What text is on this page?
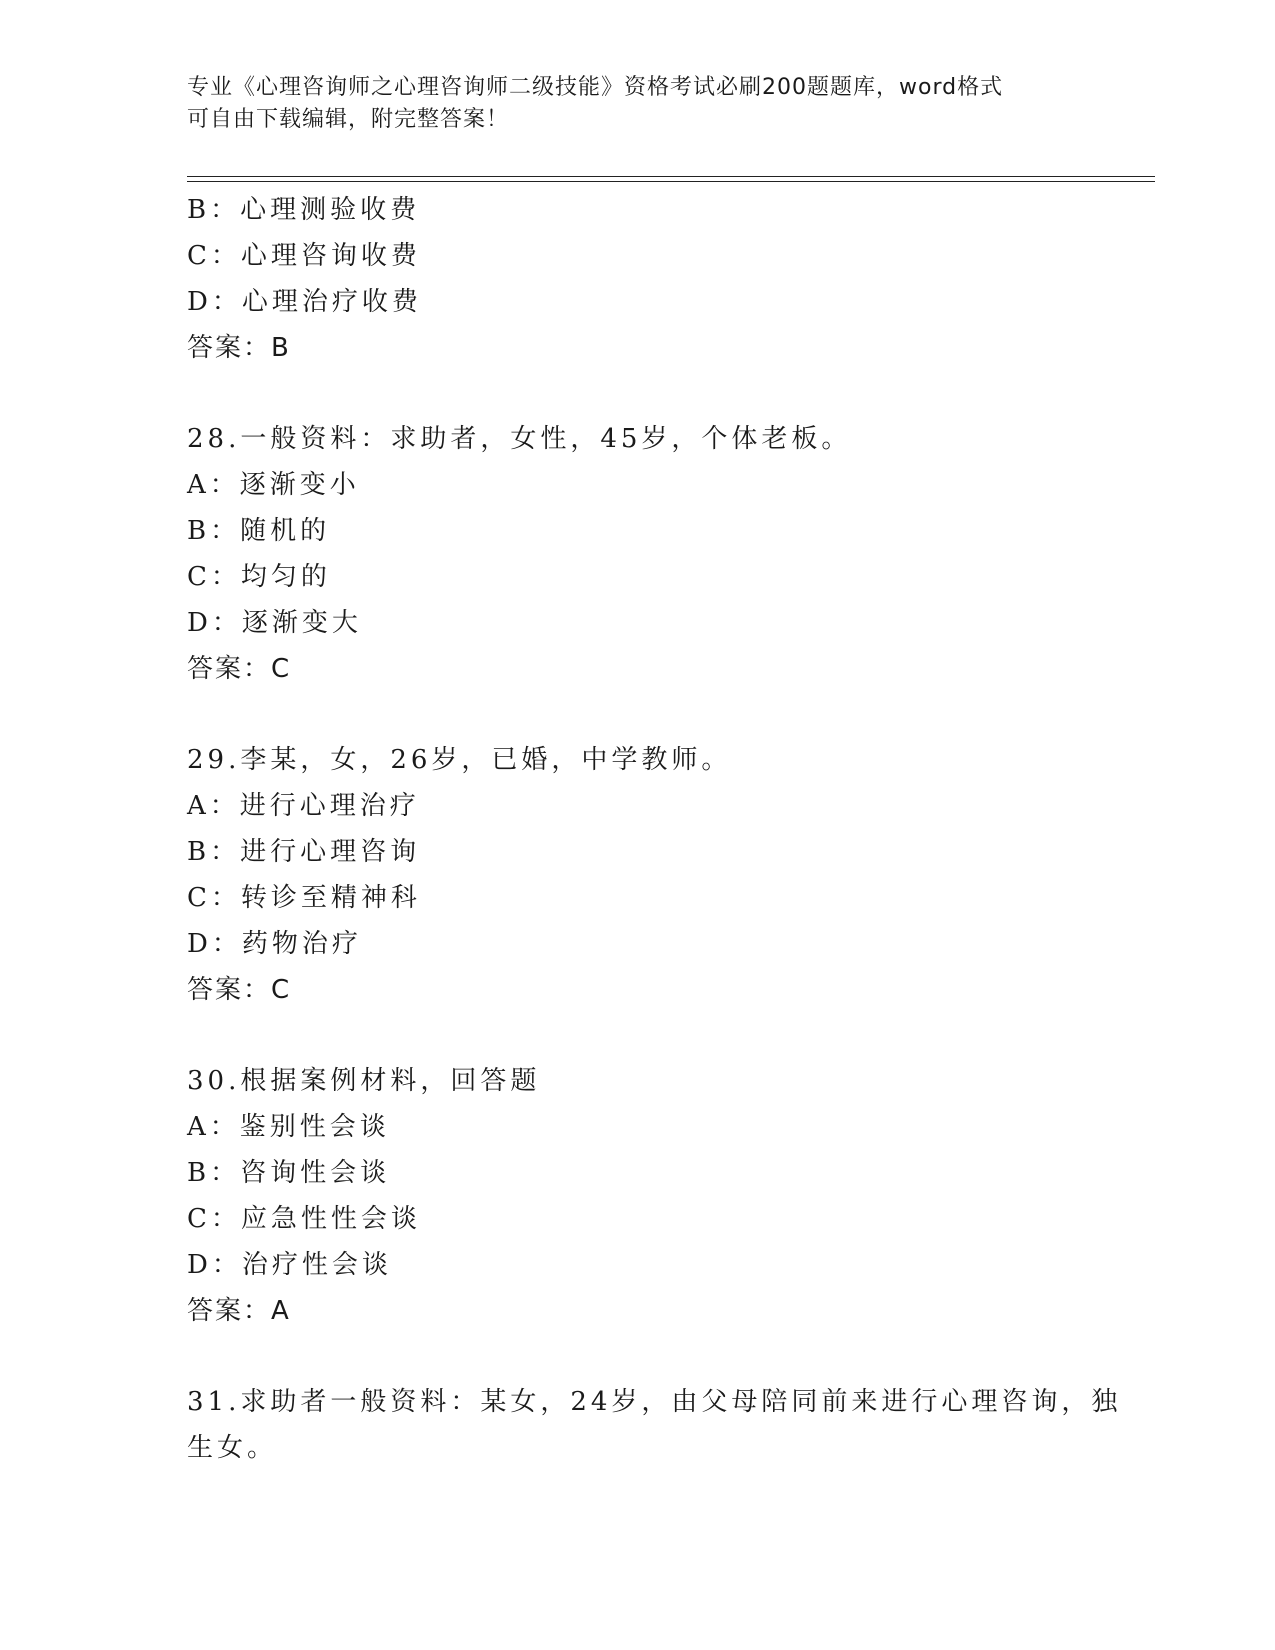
专业《心理咨询师之心理咨询师二级技能》资格考试必刷200题题库，word格式
可自由下载编辑，附完整答案！
B：心理测验收费
C：心理咨询收费
D：心理治疗收费
答案：B
28.一般资料：求助者，女性，45岁，个体老板。
A：逐渐变小
B：随机的
C：均匀的
D：逐渐变大
答案：C
29.李某，女，26岁，已婚，中学教师。
A：进行心理治疗
B：进行心理咨询
C：转诊至精神科
D：药物治疗
答案：C
30.根据案例材料，回答题
A：鉴别性会谈
B：咨询性会谈
C：应急性性会谈
D：治疗性会谈
答案：A
31.求助者一般资料：某女，24岁，由父母陪同前来进行心理咨询，独
生女。
